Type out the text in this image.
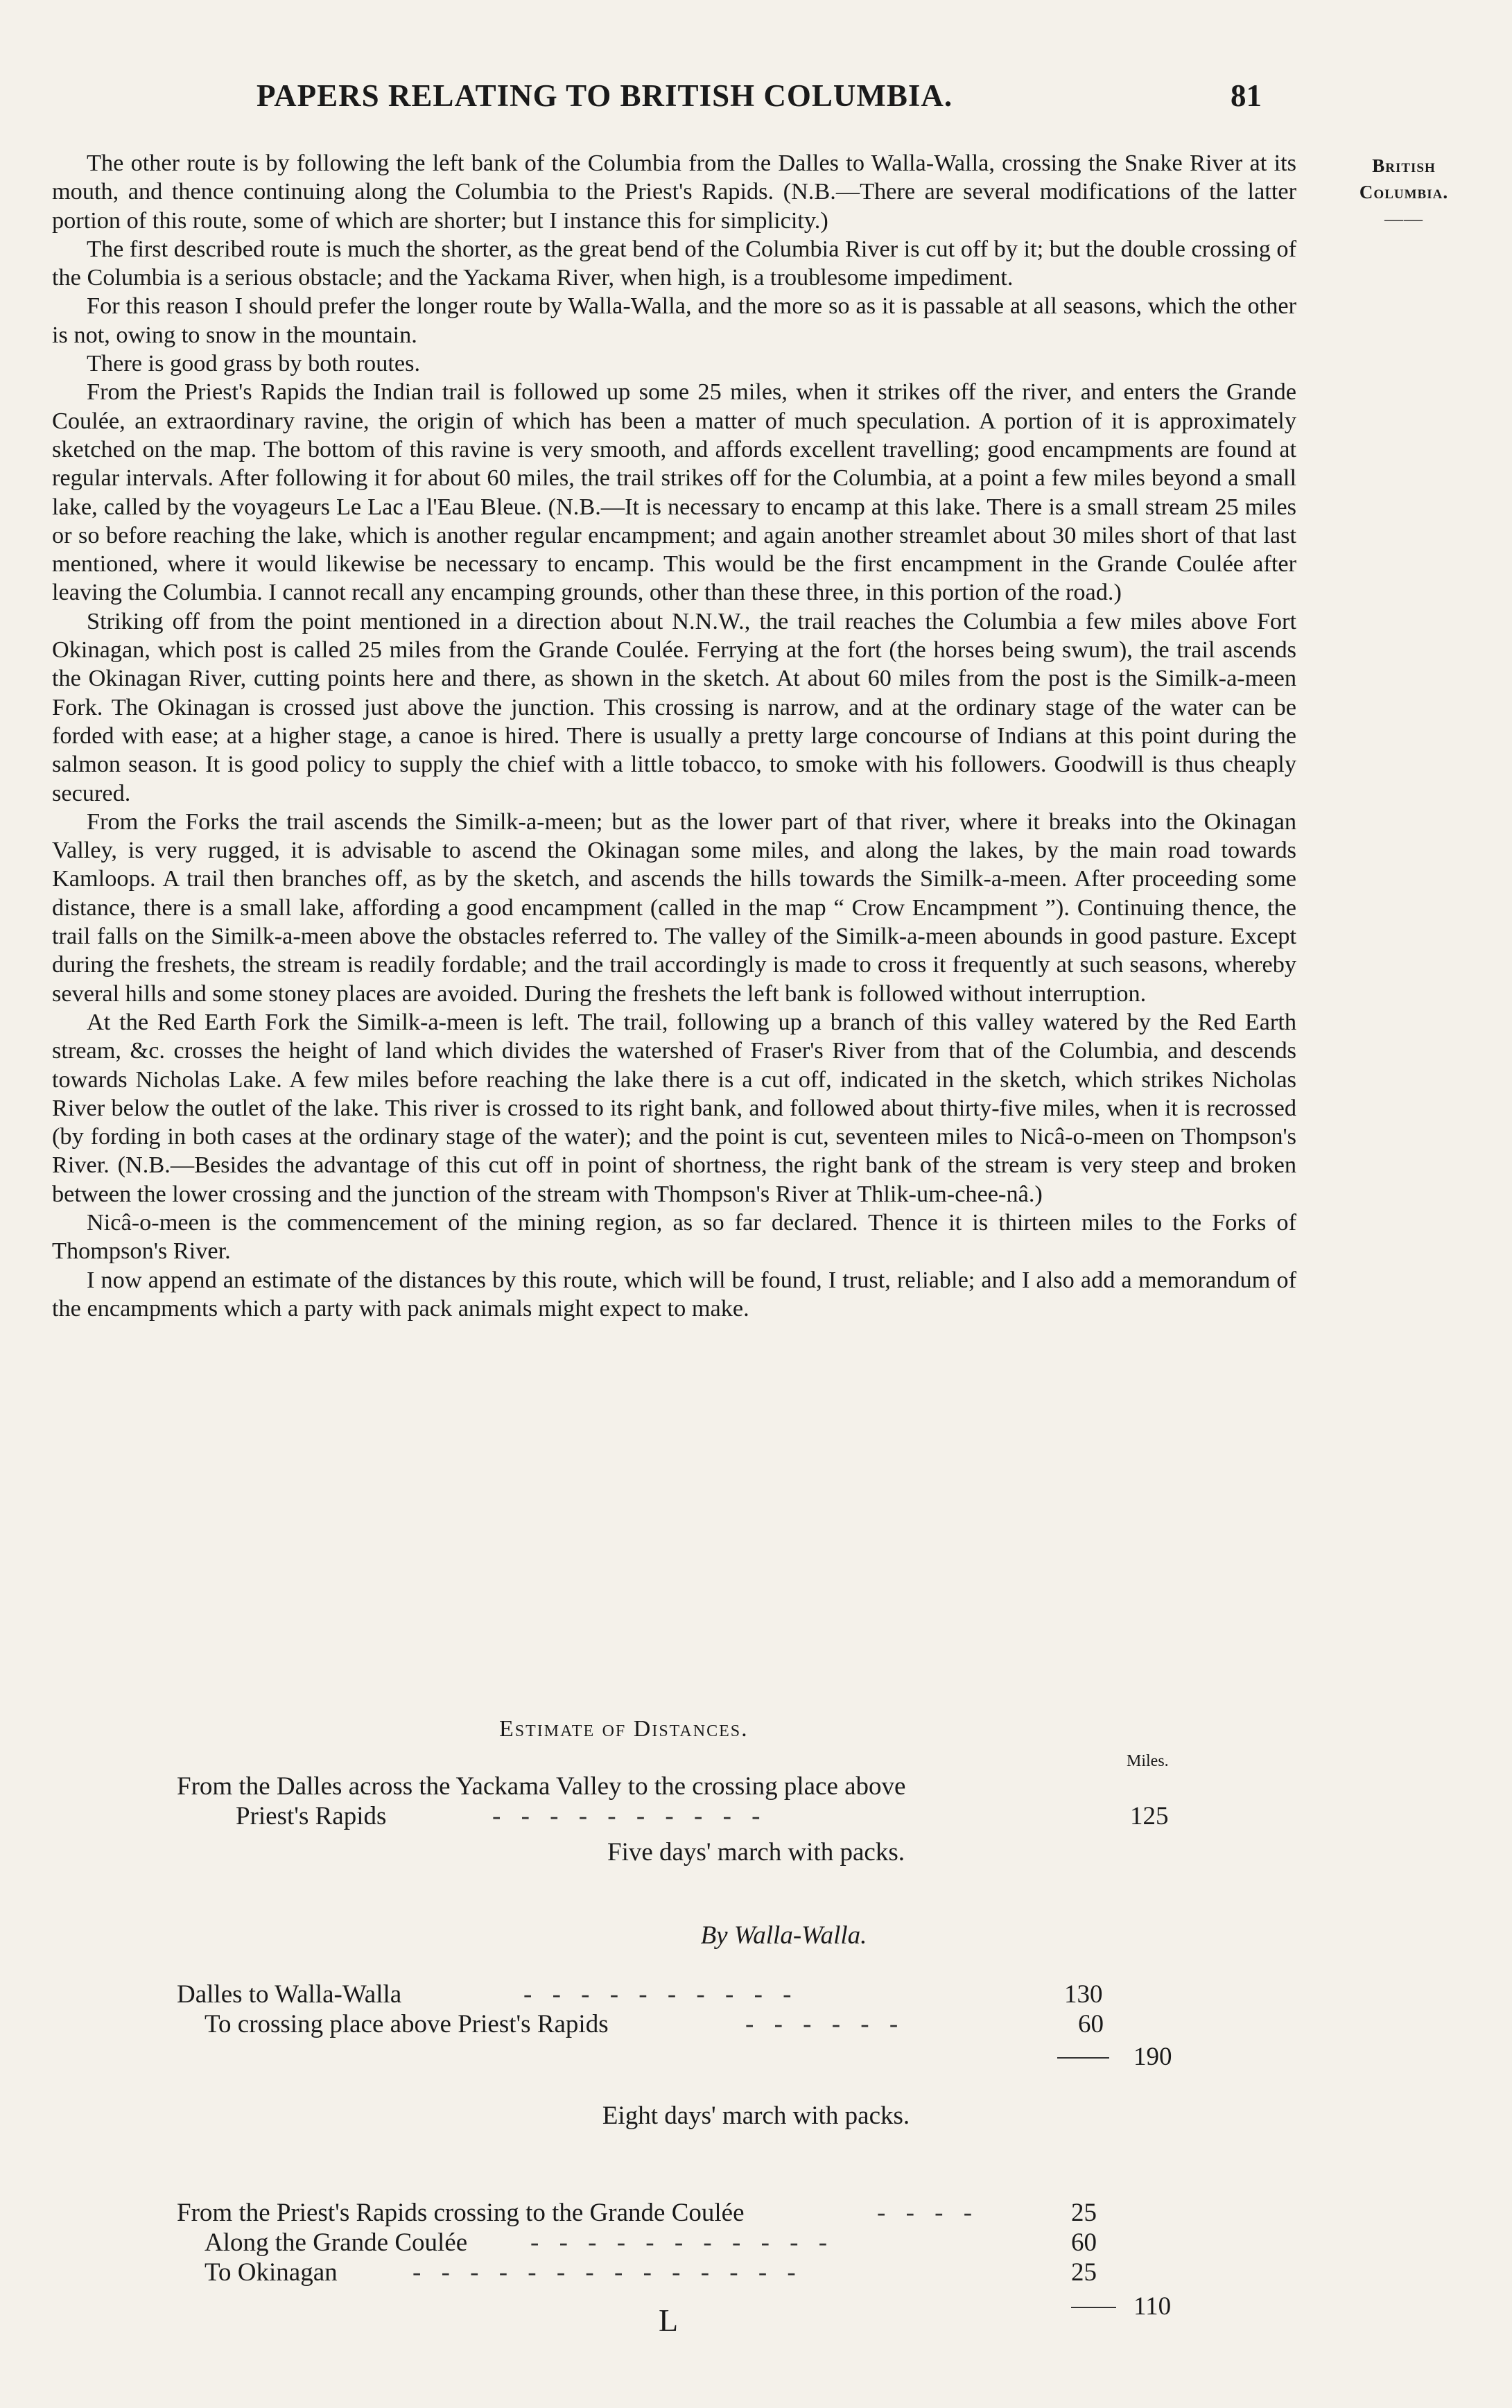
PAPERS RELATING TO BRITISH COLUMBIA.	81
British
Columbia.
——

The other route is by following the left bank of the Columbia from the Dalles to Walla-Walla, crossing the Snake River at its mouth, and thence continuing along the Columbia to the Priest's Rapids. (N.B.—There are several modifications of the latter portion of this route, some of which are shorter; but I instance this for simplicity.)

The first described route is much the shorter, as the great bend of the Columbia River is cut off by it; but the double crossing of the Columbia is a serious obstacle; and the Yackama River, when high, is a troublesome impediment.

For this reason I should prefer the longer route by Walla-Walla, and the more so as it is passable at all seasons, which the other is not, owing to snow in the mountain.

There is good grass by both routes.

From the Priest's Rapids the Indian trail is followed up some 25 miles, when it strikes off the river, and enters the Grande Coulée, an extraordinary ravine, the origin of which has been a matter of much speculation. A portion of it is approximately sketched on the map. The bottom of this ravine is very smooth, and affords excellent travelling; good encampments are found at regular intervals. After following it for about 60 miles, the trail strikes off for the Columbia, at a point a few miles beyond a small lake, called by the voyageurs Le Lac a l'Eau Bleue. (N.B.—It is necessary to encamp at this lake. There is a small stream 25 miles or so before reaching the lake, which is another regular encampment; and again another streamlet about 30 miles short of that last mentioned, where it would likewise be necessary to encamp. This would be the first encampment in the Grande Coulée after leaving the Columbia. I cannot recall any encamping grounds, other than these three, in this portion of the road.)

Striking off from the point mentioned in a direction about N.N.W., the trail reaches the Columbia a few miles above Fort Okinagan, which post is called 25 miles from the Grande Coulée. Ferrying at the fort (the horses being swum), the trail ascends the Okinagan River, cutting points here and there, as shown in the sketch. At about 60 miles from the post is the Similk-a-meen Fork. The Okinagan is crossed just above the junction. This crossing is narrow, and at the ordinary stage of the water can be forded with ease; at a higher stage, a canoe is hired. There is usually a pretty large concourse of Indians at this point during the salmon season. It is good policy to supply the chief with a little tobacco, to smoke with his followers. Goodwill is thus cheaply secured.

From the Forks the trail ascends the Similk-a-meen; but as the lower part of that river, where it breaks into the Okinagan Valley, is very rugged, it is advisable to ascend the Okinagan some miles, and along the lakes, by the main road towards Kamloops. A trail then branches off, as by the sketch, and ascends the hills towards the Similk-a-meen. After proceeding some distance, there is a small lake, affording a good encampment (called in the map “ Crow Encampment ”). Continuing thence, the trail falls on the Similk-a-meen above the obstacles referred to. The valley of the Similk-a-meen abounds in good pasture. Except during the freshets, the stream is readily fordable; and the trail accordingly is made to cross it frequently at such seasons, whereby several hills and some stoney places are avoided. During the freshets the left bank is followed without interruption.

At the Red Earth Fork the Similk-a-meen is left. The trail, following up a branch of this valley watered by the Red Earth stream, &c. crosses the height of land which divides the watershed of Fraser's River from that of the Columbia, and descends towards Nicholas Lake. A few miles before reaching the lake there is a cut off, indicated in the sketch, which strikes Nicholas River below the outlet of the lake. This river is crossed to its right bank, and followed about thirty-five miles, when it is recrossed (by fording in both cases at the ordinary stage of the water); and the point is cut, seventeen miles to Nicâ-o-meen on Thompson's River. (N.B.—Besides the advantage of this cut off in point of shortness, the right bank of the stream is very steep and broken between the lower crossing and the junction of the stream with Thompson's River at Thlik-um-chee-nâ.)

Nicâ-o-meen is the commencement of the mining region, as so far declared. Thence it is thirteen miles to the Forks of Thompson's River.

I now append an estimate of the distances by this route, which will be found, I trust, reliable; and I also add a memorandum of the encampments which a party with pack animals might expect to make.

Estimate of Distances.
Miles.
From the Dalles across the Yackama Valley to the crossing place above
Priest's Rapids	- - - - - - - - - -	125
Five days' march with packs.
By Walla-Walla.
Dalles to Walla-Walla	- - - - - - - - - -	130
To crossing place above Priest's Rapids	- - - - - -	60
190
Eight days' march with packs.
From the Priest's Rapids crossing to the Grande Coulée	- - - -	25
Along the Grande Coulée - - - - - - - - - - -	60
To Okinagan	- - - - - - - - - - - - - -	25
110
L
